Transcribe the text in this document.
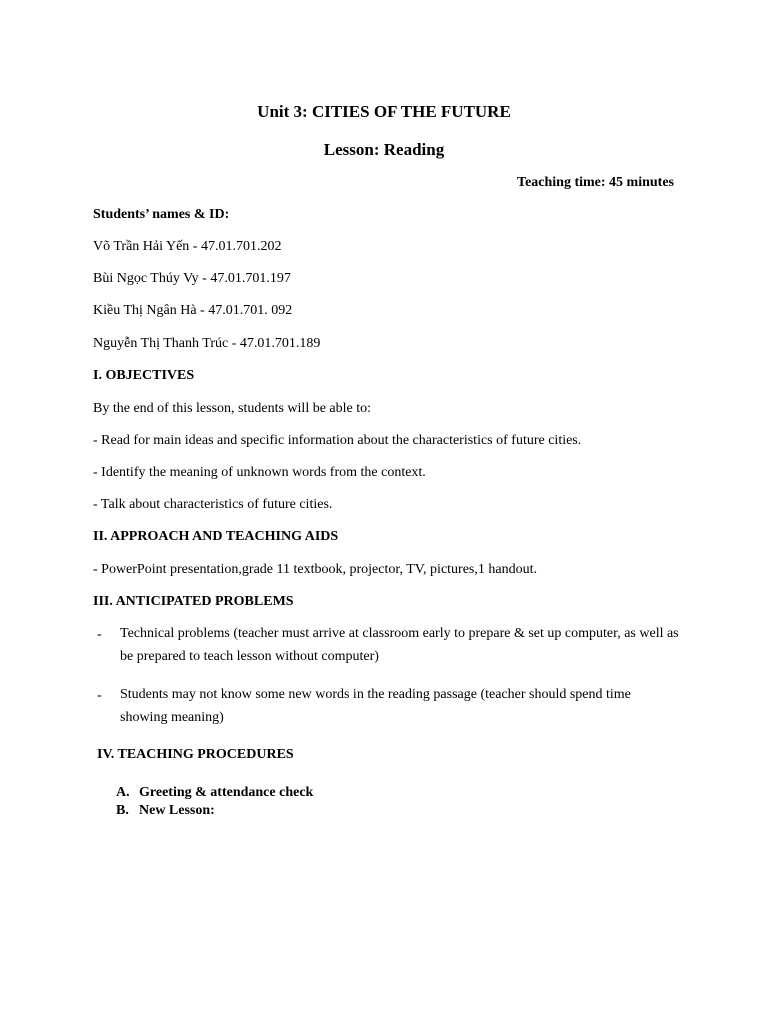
Unit 3: CITIES OF THE FUTURE
Lesson: Reading
Teaching time: 45 minutes
Students’ names & ID:
Võ Trần Hải Yến - 47.01.701.202
Bùi Ngọc Thúy Vy - 47.01.701.197
Kiều Thị Ngân Hà - 47.01.701. 092
Nguyễn Thị Thanh Trúc - 47.01.701.189
I. OBJECTIVES
By the end of this lesson, students will be able to:
- Read for main ideas and specific information about the characteristics of future cities.
- Identify the meaning of unknown words from the context.
- Talk about characteristics of future cities.
II. APPROACH AND TEACHING AIDS
- PowerPoint presentation,grade 11 textbook, projector, TV, pictures,1 handout.
III. ANTICIPATED PROBLEMS
- Technical problems (teacher must arrive at classroom early to prepare & set up computer, as well as be prepared to teach lesson without computer)
- Students may not know some new words in the reading passage (teacher should spend time showing meaning)
IV. TEACHING PROCEDURES
A. Greeting & attendance check
B. New Lesson:
